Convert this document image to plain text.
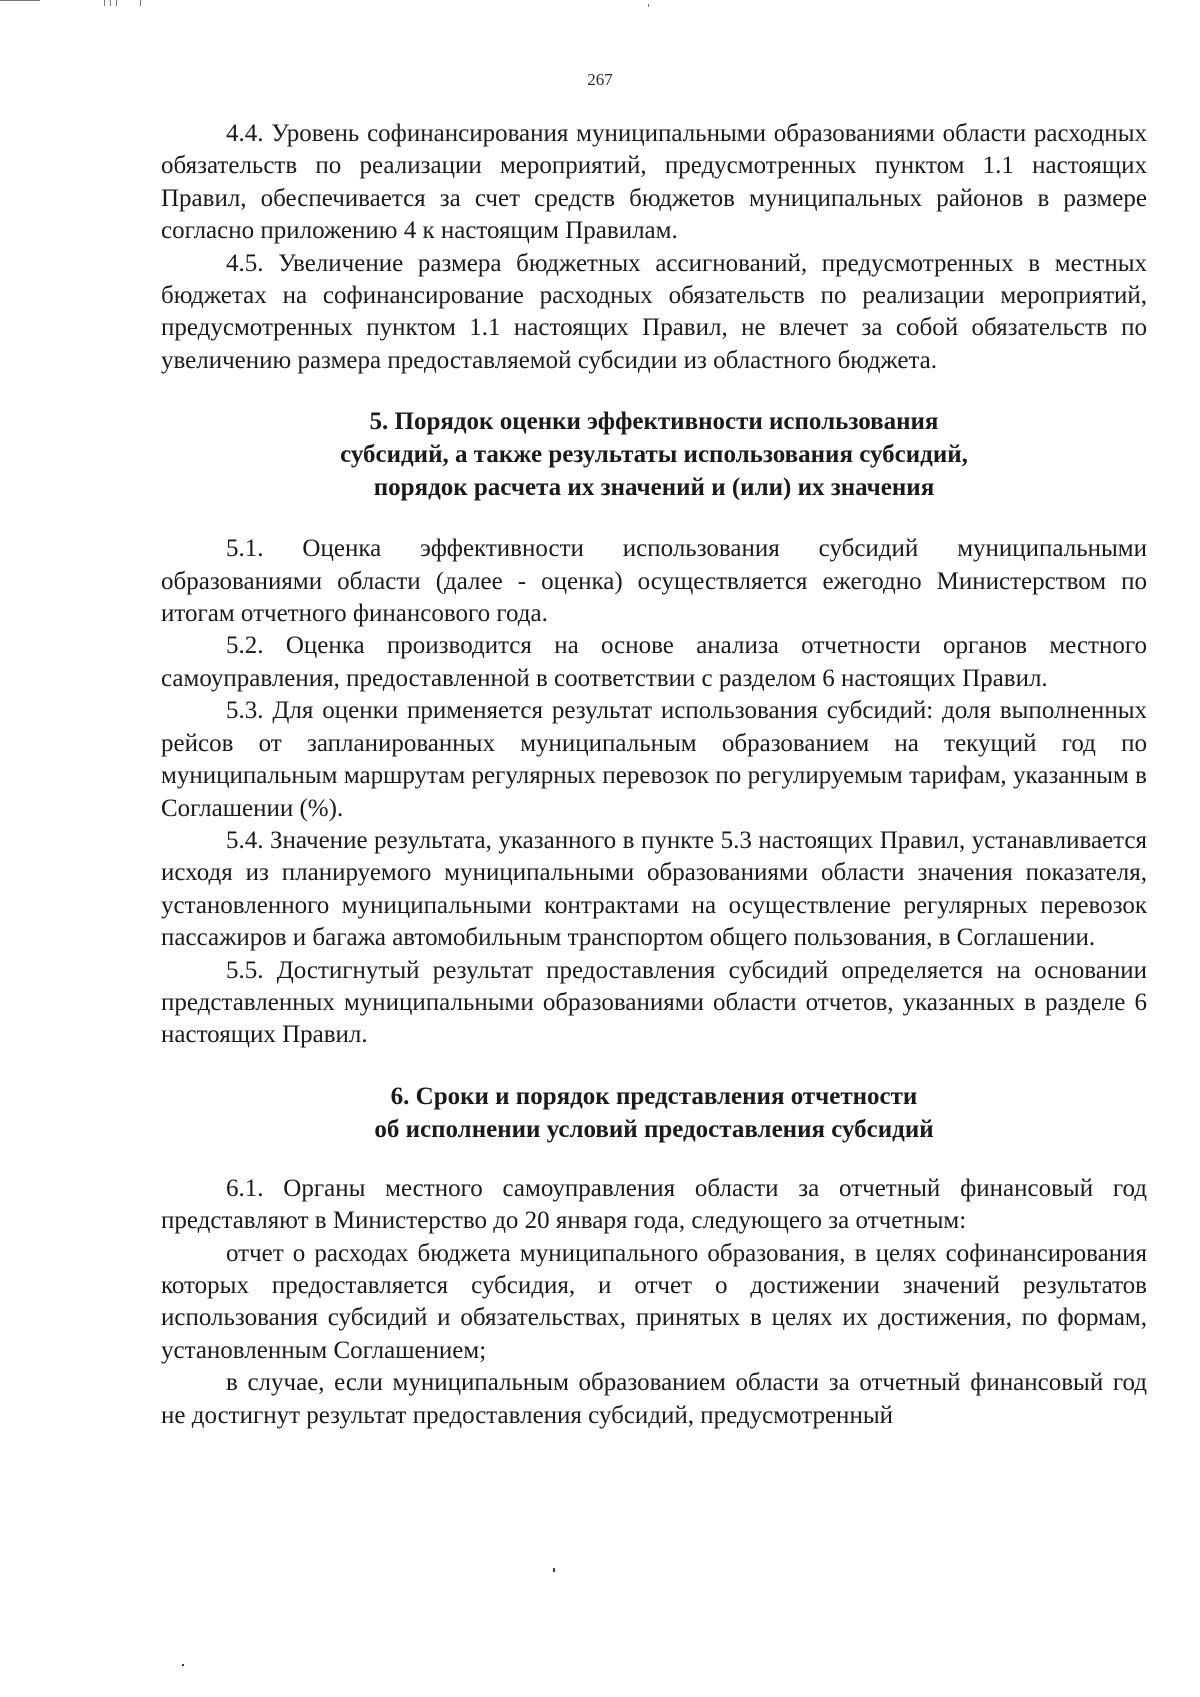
267

4.4. Уровень софинансирования муниципальными образованиями области расходных обязательств по реализации мероприятий, предусмотренных пунктом 1.1 настоящих Правил, обеспечивается за счет средств бюджетов муниципальных районов в размере согласно приложению 4 к настоящим Правилам.

4.5. Увеличение размера бюджетных ассигнований, предусмотренных в местных бюджетах на софинансирование расходных обязательств по реализации мероприятий, предусмотренных пунктом 1.1 настоящих Правил, не влечет за собой обязательств по увеличению размера предоставляемой субсидии из областного бюджета.

5. Порядок оценки эффективности использования
субсидий, а также результаты использования субсидий,
порядок расчета их значений и (или) их значения

5.1. Оценка эффективности использования субсидий муниципальными образованиями области (далее - оценка) осуществляется ежегодно Министерством по итогам отчетного финансового года.

5.2. Оценка производится на основе анализа отчетности органов местного самоуправления, предоставленной в соответствии с разделом 6 настоящих Правил.

5.3. Для оценки применяется результат использования субсидий: доля выполненных рейсов от запланированных муниципальным образованием на текущий год по муниципальным маршрутам регулярных перевозок по регулируемым тарифам, указанным в Соглашении (%).

5.4. Значение результата, указанного в пункте 5.3 настоящих Правил, устанавливается исходя из планируемого муниципальными образованиями области значения показателя, установленного муниципальными контрактами на осуществление регулярных перевозок пассажиров и багажа автомобильным транспортом общего пользования, в Соглашении.

5.5. Достигнутый результат предоставления субсидий определяется на основании представленных муниципальными образованиями области отчетов, указанных в разделе 6 настоящих Правил.

6. Сроки и порядок представления отчетности
об исполнении условий предоставления субсидий

6.1. Органы местного самоуправления области за отчетный финансовый год представляют в Министерство до 20 января года, следующего за отчетным:

отчет о расходах бюджета муниципального образования, в целях софинансирования которых предоставляется субсидия, и отчет о достижении значений результатов использования субсидий и обязательствах, принятых в целях их достижения, по формам, установленным Соглашением;

в случае, если муниципальным образованием области за отчетный финансовый год не достигнут результат предоставления субсидий, предусмотренный
